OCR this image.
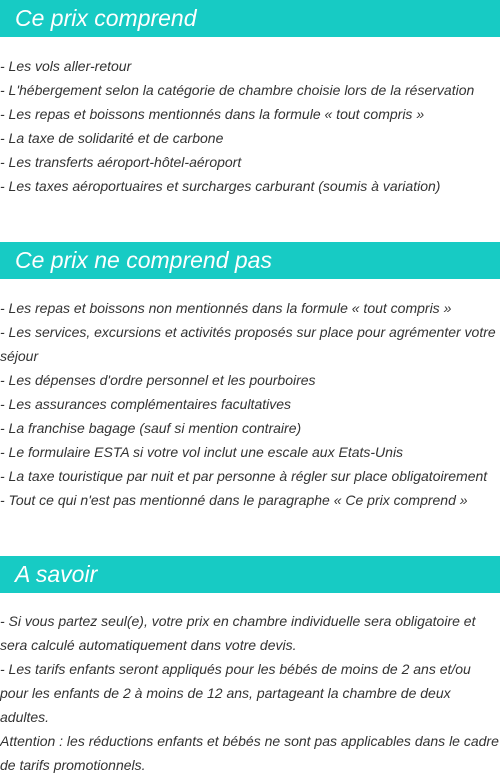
Ce prix comprend
- Les vols aller-retour
- L'hébergement selon la catégorie de chambre choisie lors de la réservation
- Les repas et boissons mentionnés dans la formule « tout compris »
- La taxe de solidarité et de carbone
- Les transferts aéroport-hôtel-aéroport
- Les taxes aéroportuaires et surcharges carburant (soumis à variation)
Ce prix ne comprend pas
- Les repas et boissons non mentionnés dans la formule « tout compris »
- Les services, excursions et activités proposés sur place pour agrémenter votre séjour
- Les dépenses d'ordre personnel et les pourboires
- Les assurances complémentaires facultatives
- La franchise bagage (sauf si mention contraire)
- Le formulaire ESTA si votre vol inclut une escale aux Etats-Unis
- La taxe touristique par nuit et par personne à régler sur place obligatoirement
- Tout ce qui n'est pas mentionné dans le paragraphe « Ce prix comprend »
A savoir
- Si vous partez seul(e), votre prix en chambre individuelle sera obligatoire et sera calculé automatiquement dans votre devis.
- Les tarifs enfants seront appliqués pour les bébés de moins de 2 ans et/ou pour les enfants de 2 à moins de 12 ans, partageant la chambre de deux adultes.
Attention : les réductions enfants et bébés ne sont pas applicables dans le cadre de tarifs promotionnels.
